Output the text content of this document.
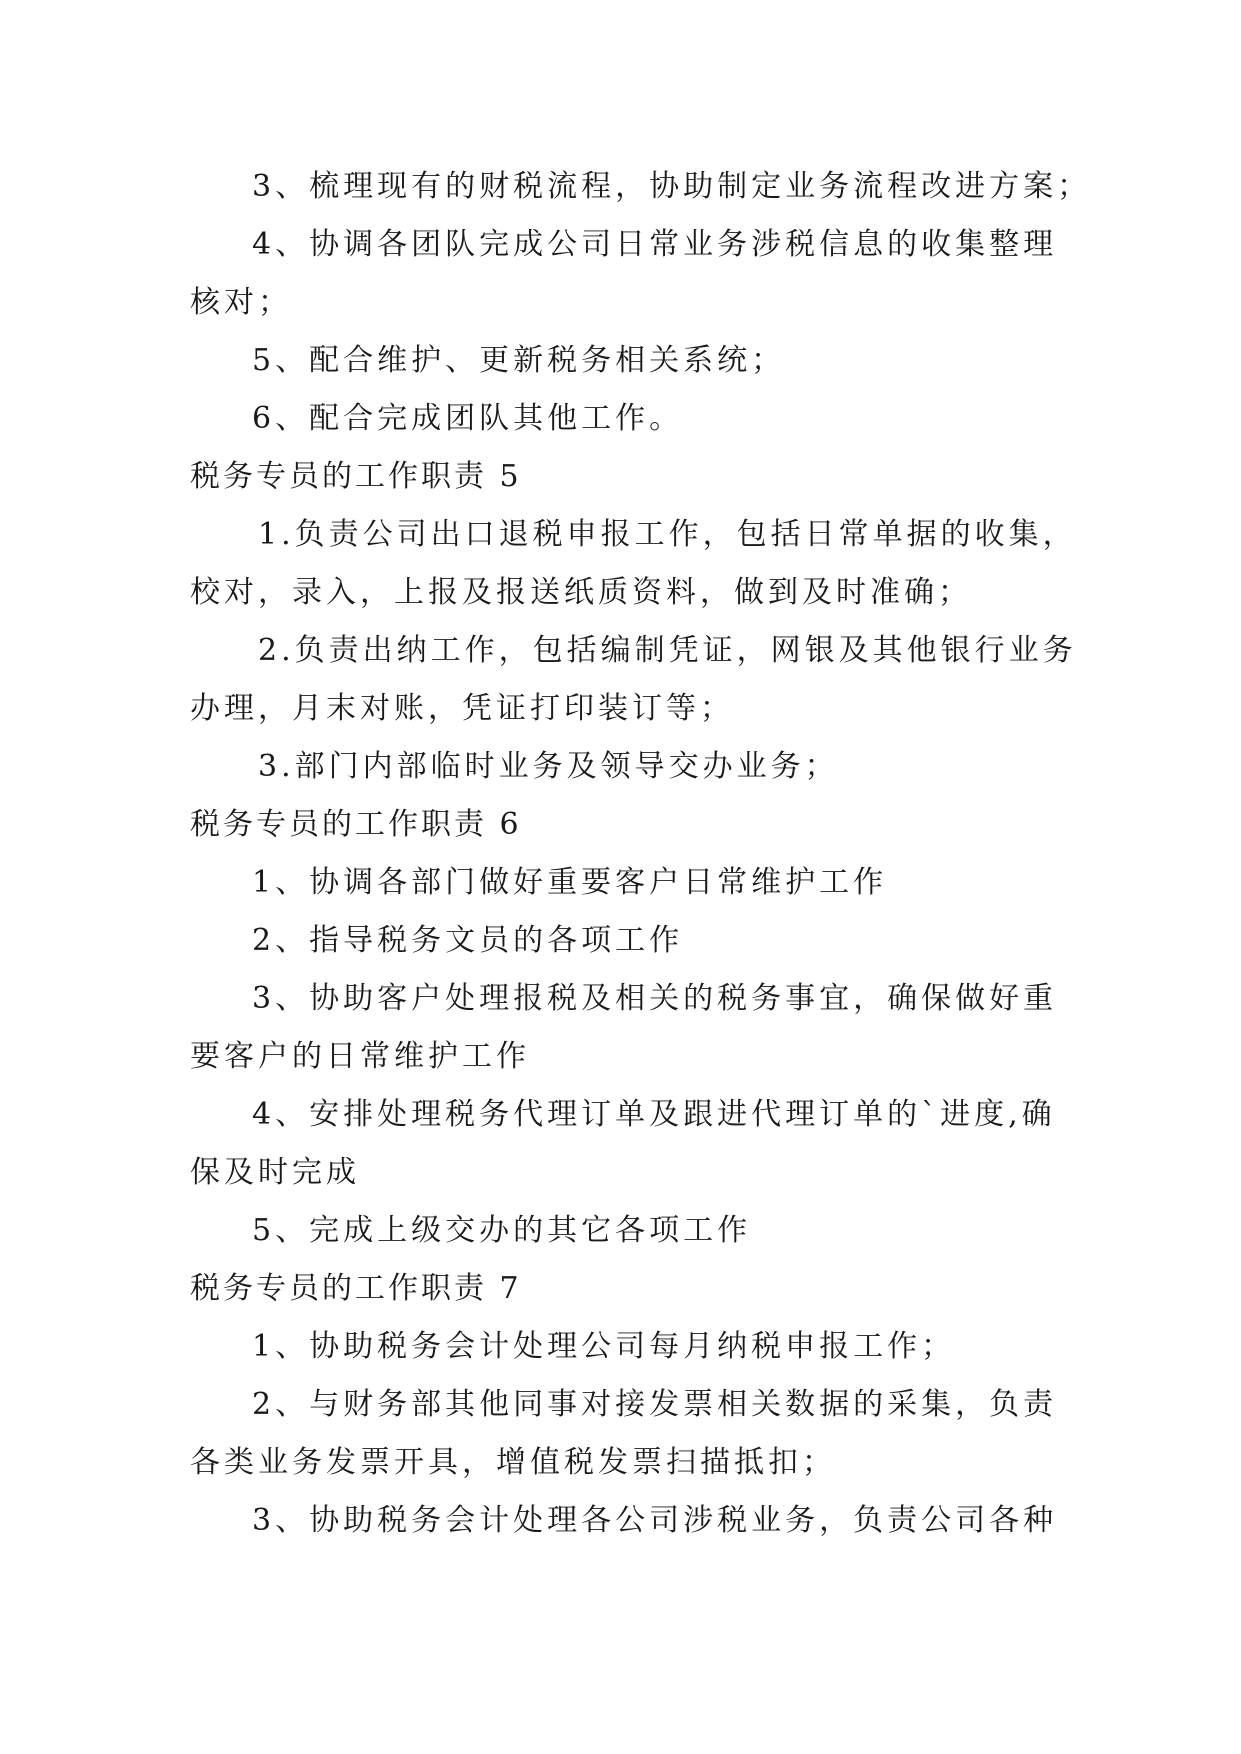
3、梳理现有的财税流程，协助制定业务流程改进方案；

4、协调各团队完成公司日常业务涉税信息的收集整理

核对；

5、配合维护、更新税务相关系统；

6、配合完成团队其他工作。

税务专员的工作职责 5

1.负责公司出口退税申报工作，包括日常单据的收集，

校对，录入，上报及报送纸质资料，做到及时准确；

2.负责出纳工作，包括编制凭证，网银及其他银行业务

办理，月末对账，凭证打印装订等；

3.部门内部临时业务及领导交办业务；

税务专员的工作职责 6

1、协调各部门做好重要客户日常维护工作

2、指导税务文员的各项工作

3、协助客户处理报税及相关的税务事宜，确保做好重

要客户的日常维护工作

4、安排处理税务代理订单及跟进代理订单的`进度,确

保及时完成

5、完成上级交办的其它各项工作

税务专员的工作职责 7

1、协助税务会计处理公司每月纳税申报工作；

2、与财务部其他同事对接发票相关数据的采集，负责

各类业务发票开具，增值税发票扫描抵扣；

3、协助税务会计处理各公司涉税业务，负责公司各种
